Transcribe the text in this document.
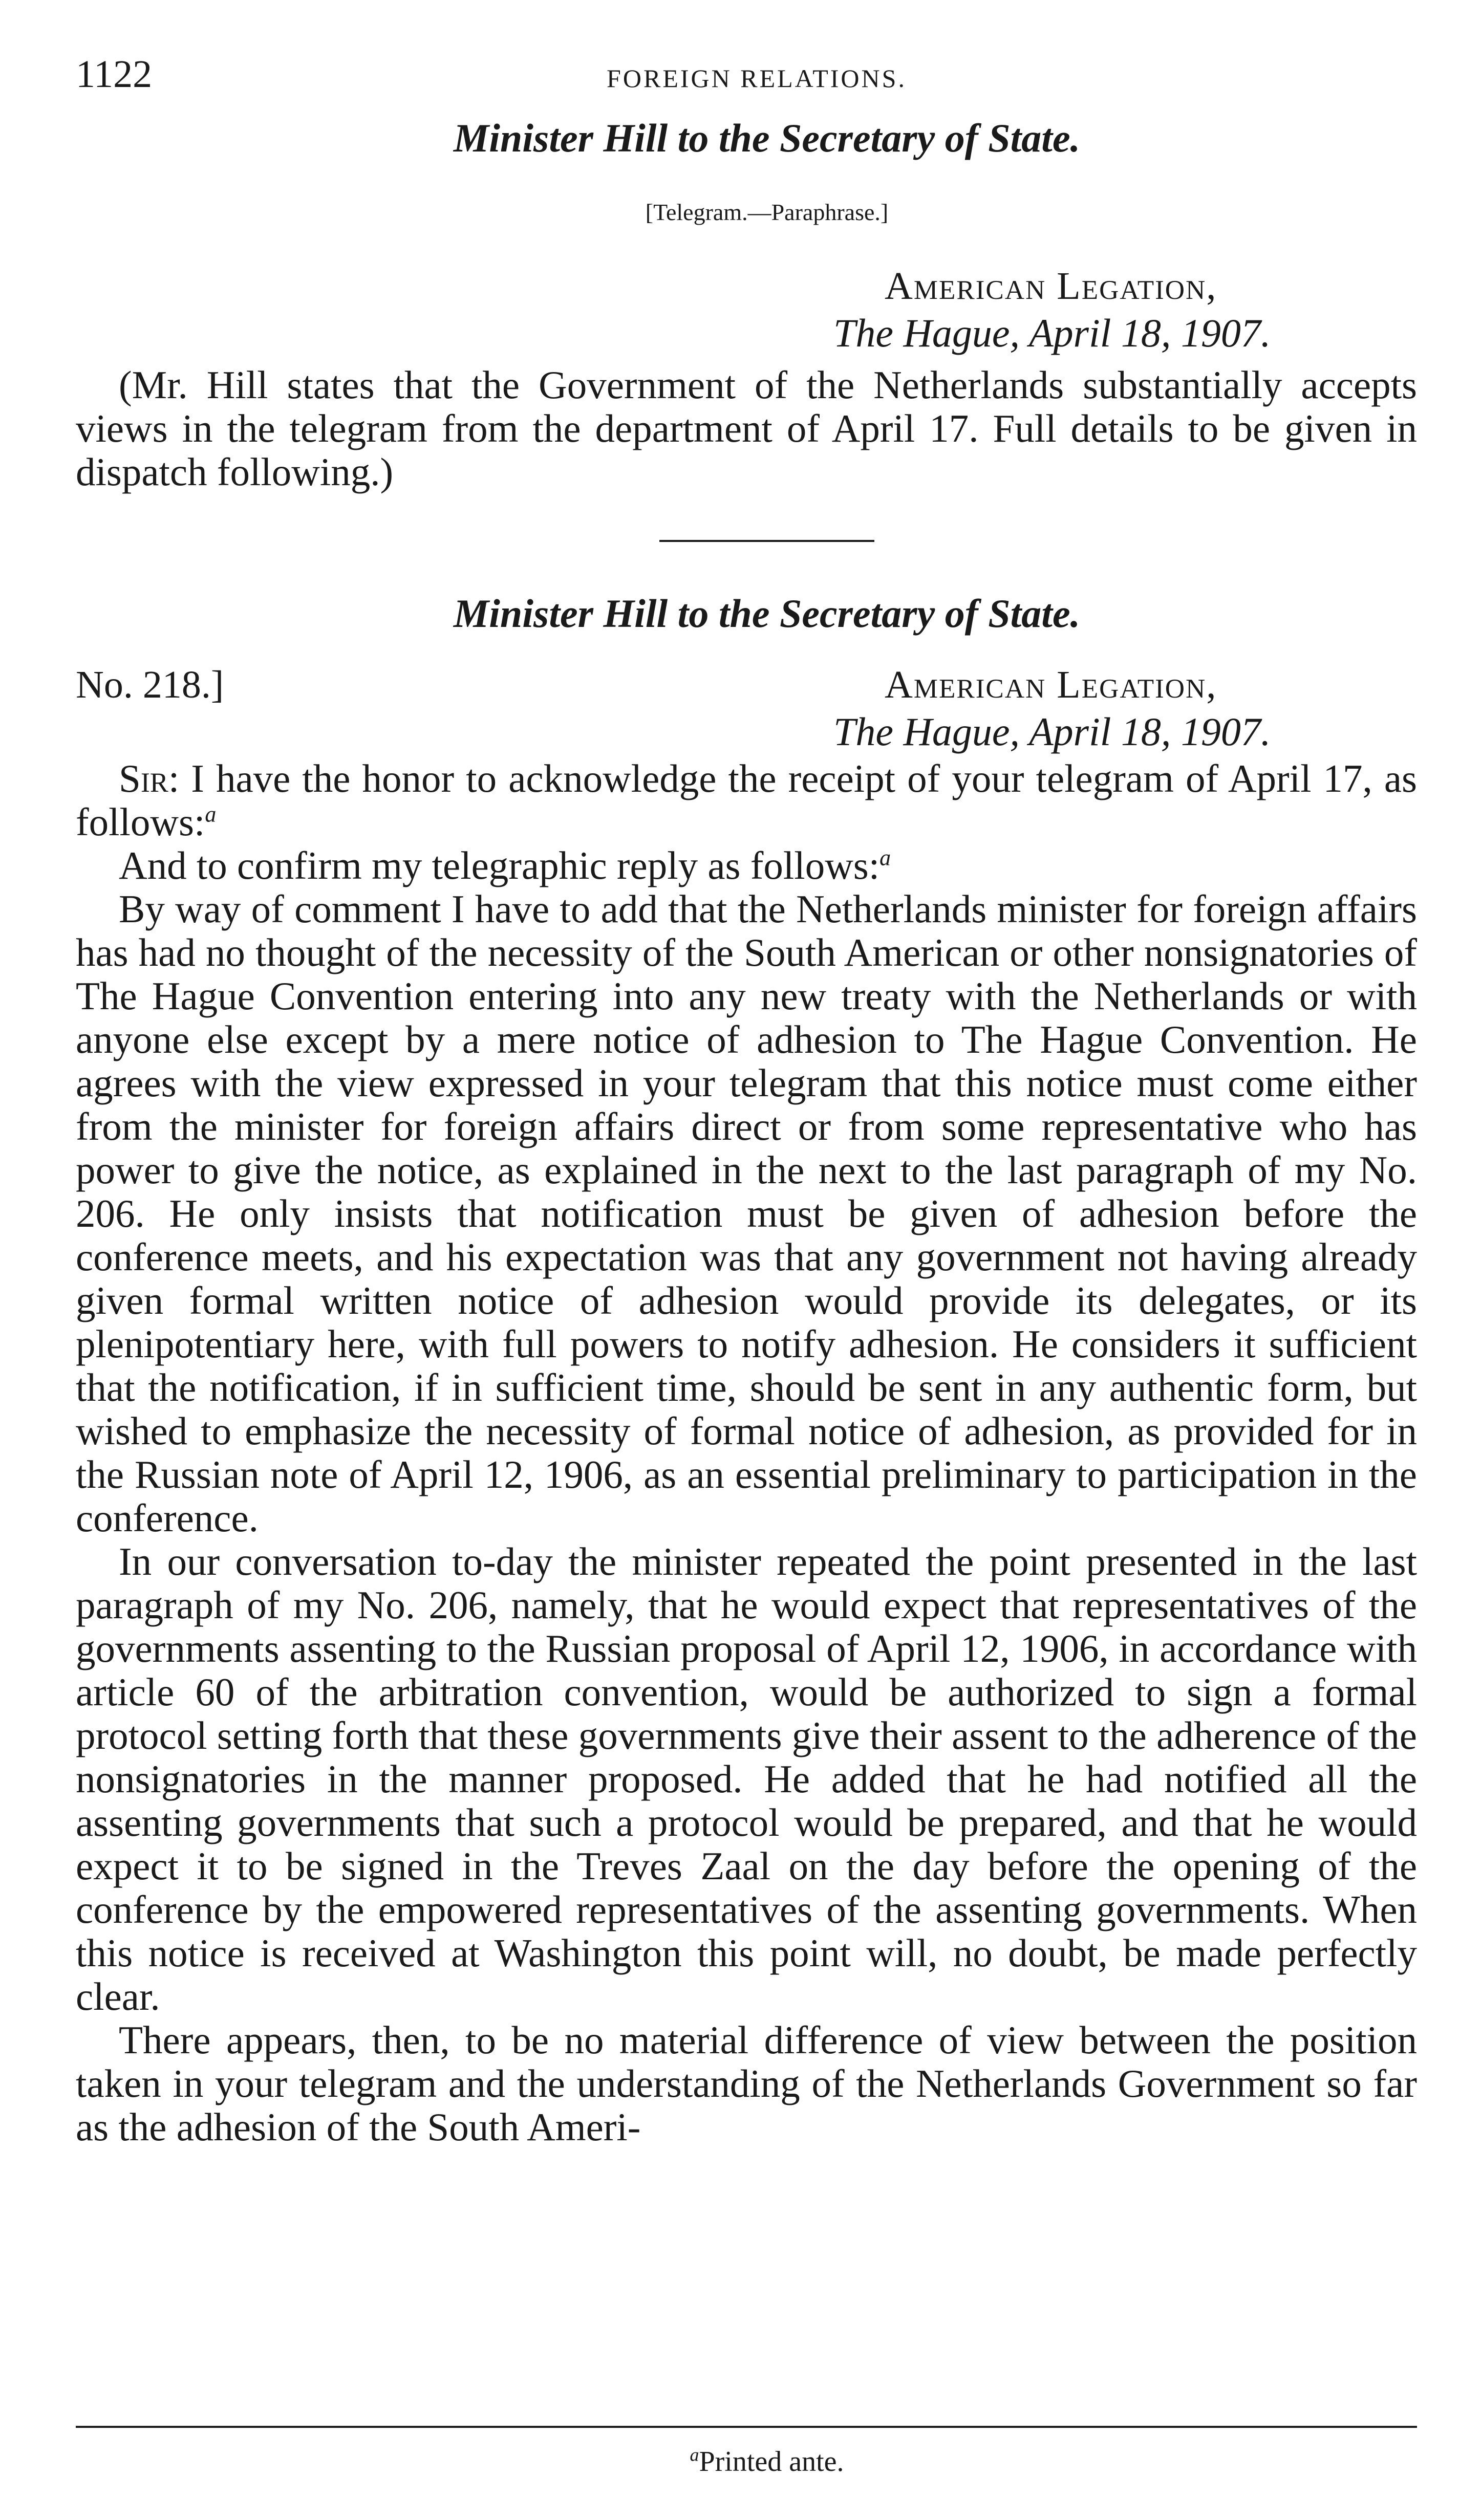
1122	FOREIGN RELATIONS.
Minister Hill to the Secretary of State.
[Telegram.—Paraphrase.]
American Legation,
The Hague, April 18, 1907.

(Mr. Hill states that the Government of the Netherlands substantially accepts views in the telegram from the department of April 17. Full details to be given in dispatch following.)

Minister Hill to the Secretary of State.
No. 218.]	American Legation,
The Hague, April 18, 1907.

Sir: I have the honor to acknowledge the receipt of your telegram of April 17, as follows:$^a$

And to confirm my telegraphic reply as follows:$^a$

By way of comment I have to add that the Netherlands minister for foreign affairs has had no thought of the necessity of the South American or other nonsignatories of The Hague Convention entering into any new treaty with the Netherlands or with anyone else except by a mere notice of adhesion to The Hague Convention. He agrees with the view expressed in your telegram that this notice must come either from the minister for foreign affairs direct or from some representative who has power to give the notice, as explained in the next to the last paragraph of my No. 206. He only insists that notification must be given of adhesion before the conference meets, and his expectation was that any government not having already given formal written notice of adhesion would provide its delegates, or its plenipotentiary here, with full powers to notify adhesion. He considers it sufficient that the notification, if in sufficient time, should be sent in any authentic form, but wished to emphasize the necessity of formal notice of adhesion, as provided for in the Russian note of April 12, 1906, as an essential preliminary to participation in the conference.

In our conversation to-day the minister repeated the point presented in the last paragraph of my No. 206, namely, that he would expect that representatives of the governments assenting to the Russian proposal of April 12, 1906, in accordance with article 60 of the arbitration convention, would be authorized to sign a formal protocol setting forth that these governments give their assent to the adherence of the nonsignatories in the manner proposed. He added that he had notified all the assenting governments that such a protocol would be prepared, and that he would expect it to be signed in the Treves Zaal on the day before the opening of the conference by the empowered representatives of the assenting governments. When this notice is received at Washington this point will, no doubt, be made perfectly clear.

There appears, then, to be no material difference of view between the position taken in your telegram and the understanding of the Netherlands Government so far as the adhesion of the South Ameri-

$^a$Printed ante.
